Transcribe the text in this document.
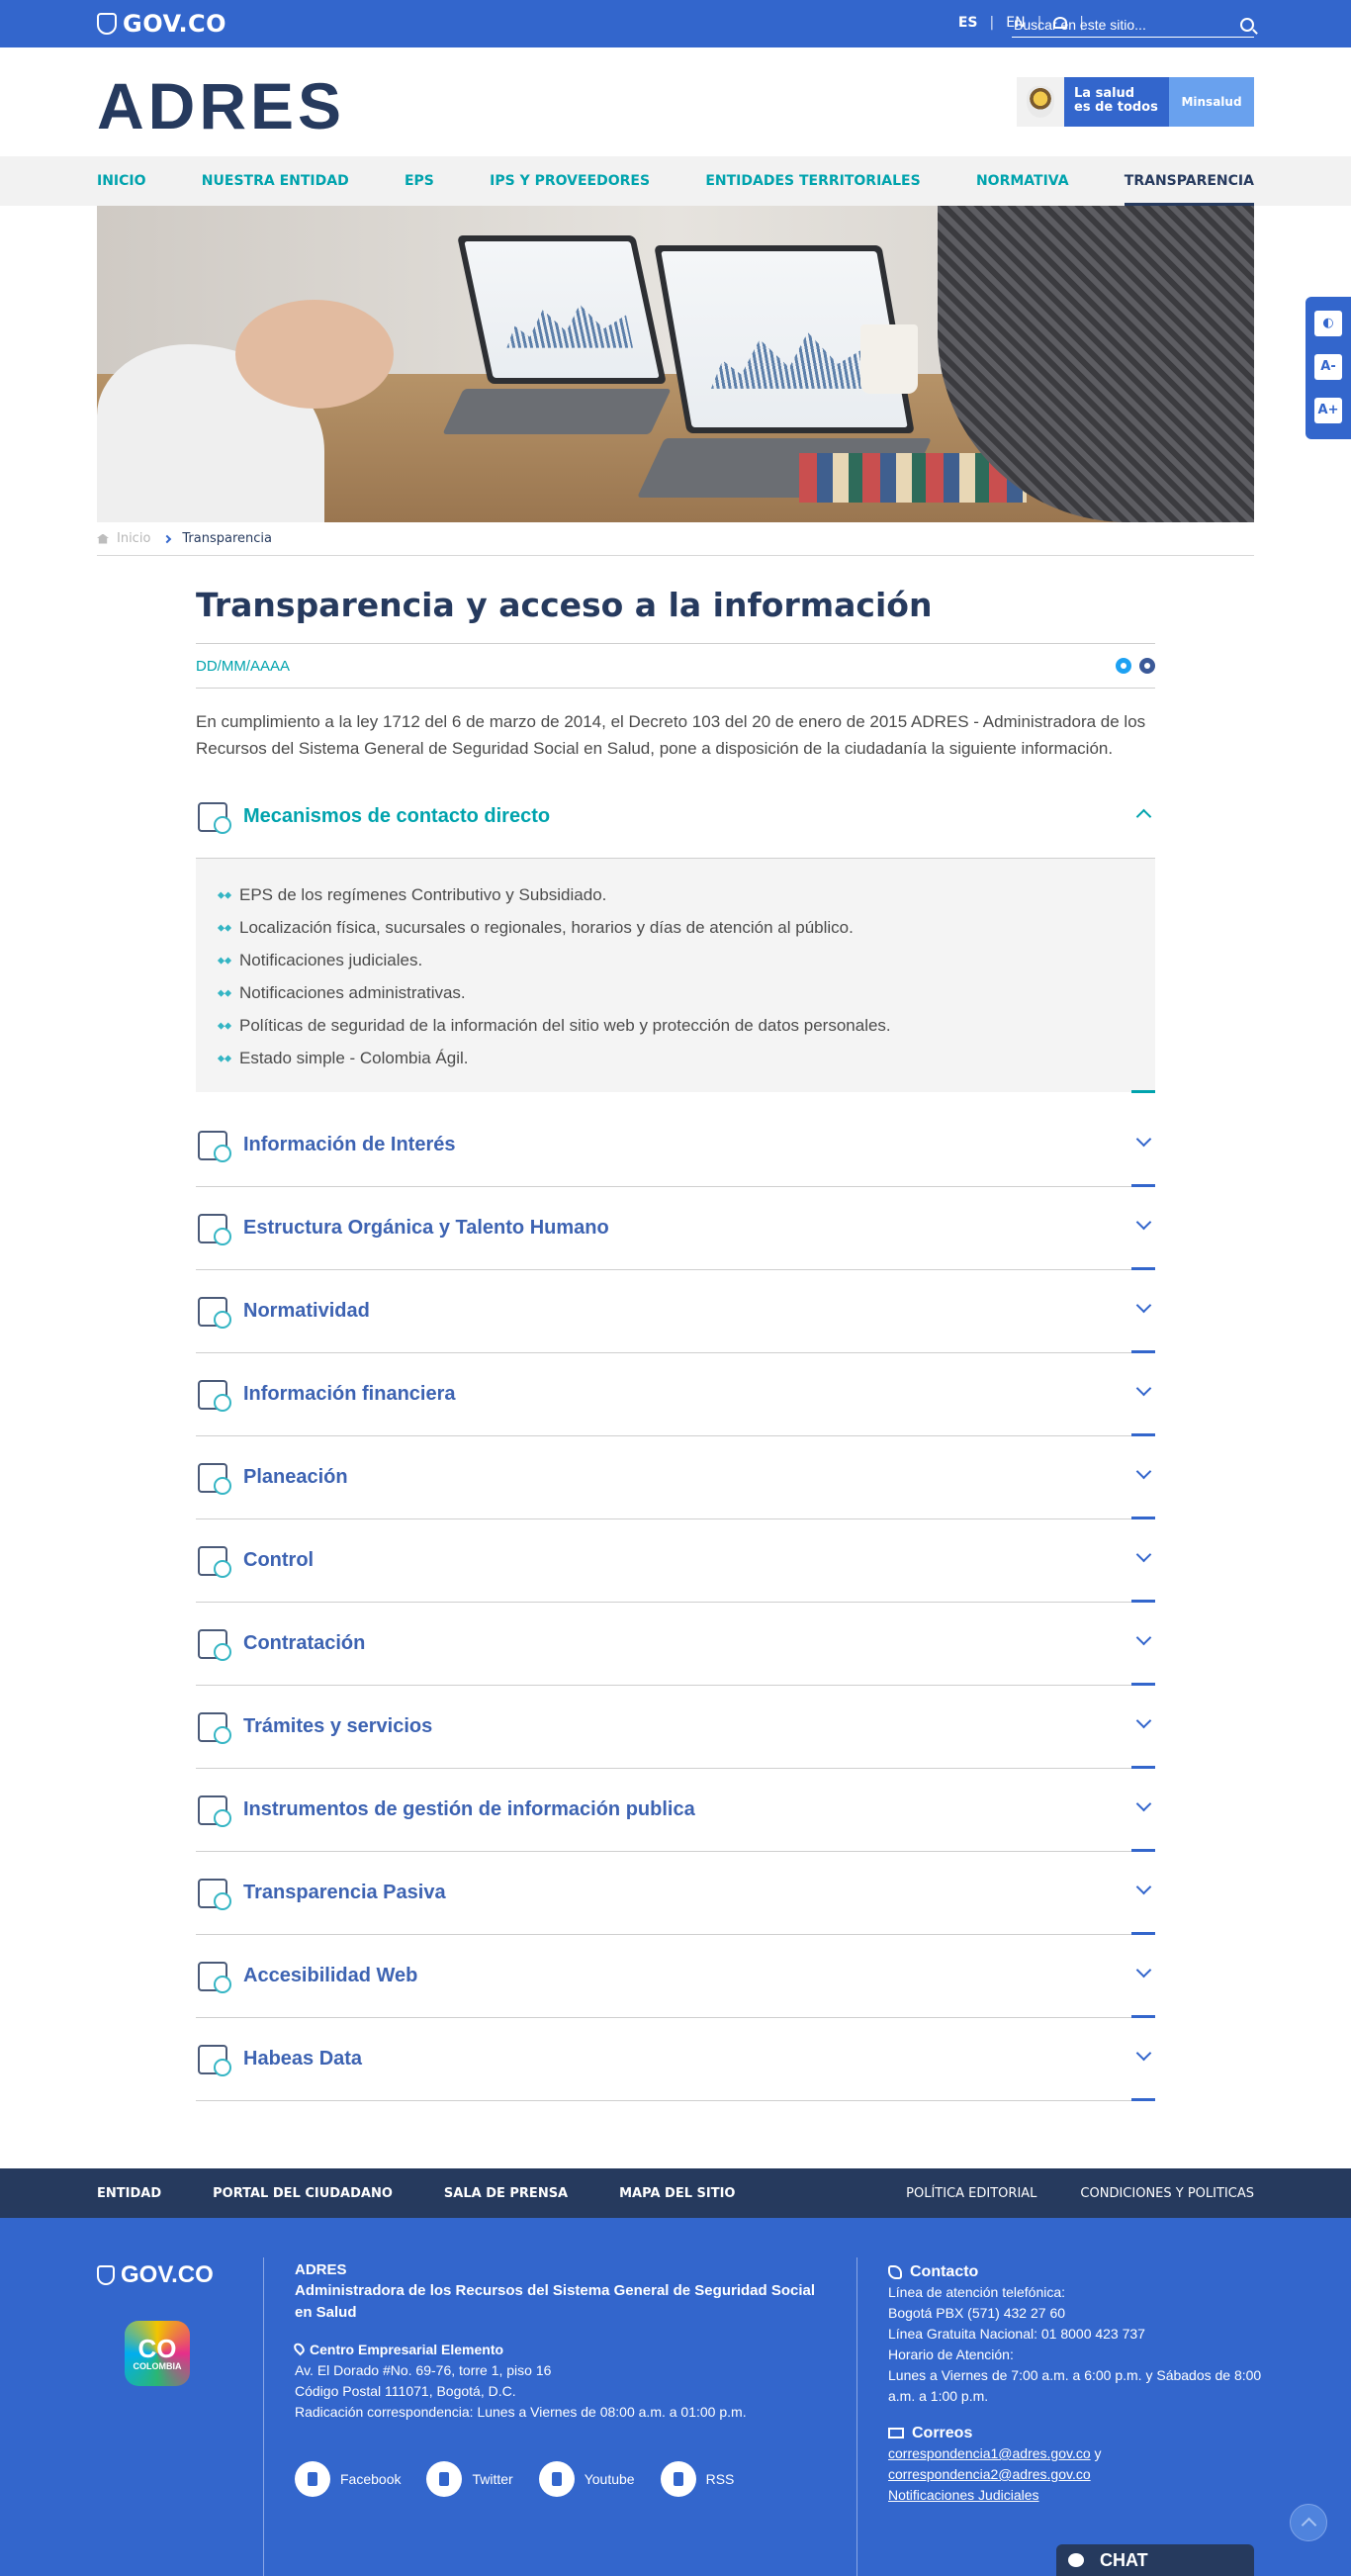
GOV.CO	ES | EN |	|
Buscar en este sitio...
ADRES	La salud
es de todos	Minsalud
INICIO	NUESTRA ENTIDAD	EPS	IPS Y PROVEEDORES	ENTIDADES TERRITORIALES	NORMATIVA	TRANSPARENCIA
◐
A-
A+
Inicio Transparencia
Transparencia y acceso a la información
DD/MM/AAAA

En cumplimiento a la ley 1712 del 6 de marzo de 2014, el Decreto 103 del 20 de enero de 2015 ADRES - Administradora de los Recursos del Sistema General de Seguridad Social en Salud, pone a disposición de la ciudadanía la siguiente información.

Mecanismos de contacto directo
EPS de los regímenes Contributivo y Subsidiado.
Localización física, sucursales o regionales, horarios y días de atención al público.
Notificaciones judiciales.
Notificaciones administrativas.
Políticas de seguridad de la información del sitio web y protección de datos personales.
Estado simple - Colombia Ágil.
Información de Interés
Estructura Orgánica y Talento Humano
Normatividad
Información financiera
Planeación
Control
Contratación
Trámites y servicios
Instrumentos de gestión de información publica
Transparencia Pasiva
Accesibilidad Web
Habeas Data
ENTIDAD	PORTAL DEL CIUDADANO	SALA DE PRENSA	MAPA DEL SITIO	POLÍTICA EDITORIAL	CONDICIONES Y POLITICAS
GOV.CO
CO
COLOMBIA
ADRES
Administradora de los Recursos del Sistema General de Seguridad Social en Salud
Centro Empresarial Elemento
Av. El Dorado #No. 69-76, torre 1, piso 16
Código Postal 111071, Bogotá, D.C.
Radicación correspondencia: Lunes a Viernes de 08:00 a.m. a 01:00 p.m.
Facebook	Twitter	Youtube	RSS
Contacto
Línea de atención telefónica:
Bogotá PBX (571) 432 27 60
Línea Gratuita Nacional: 01 8000 423 737
Horario de Atención:
Lunes a Viernes de 7:00 a.m. a 6:00 p.m. y Sábados de 8:00 a.m. a 1:00 p.m.
Correos
correspondencia1@adres.gov.co y
correspondencia2@adres.gov.co
Notificaciones Judiciales
CHAT
